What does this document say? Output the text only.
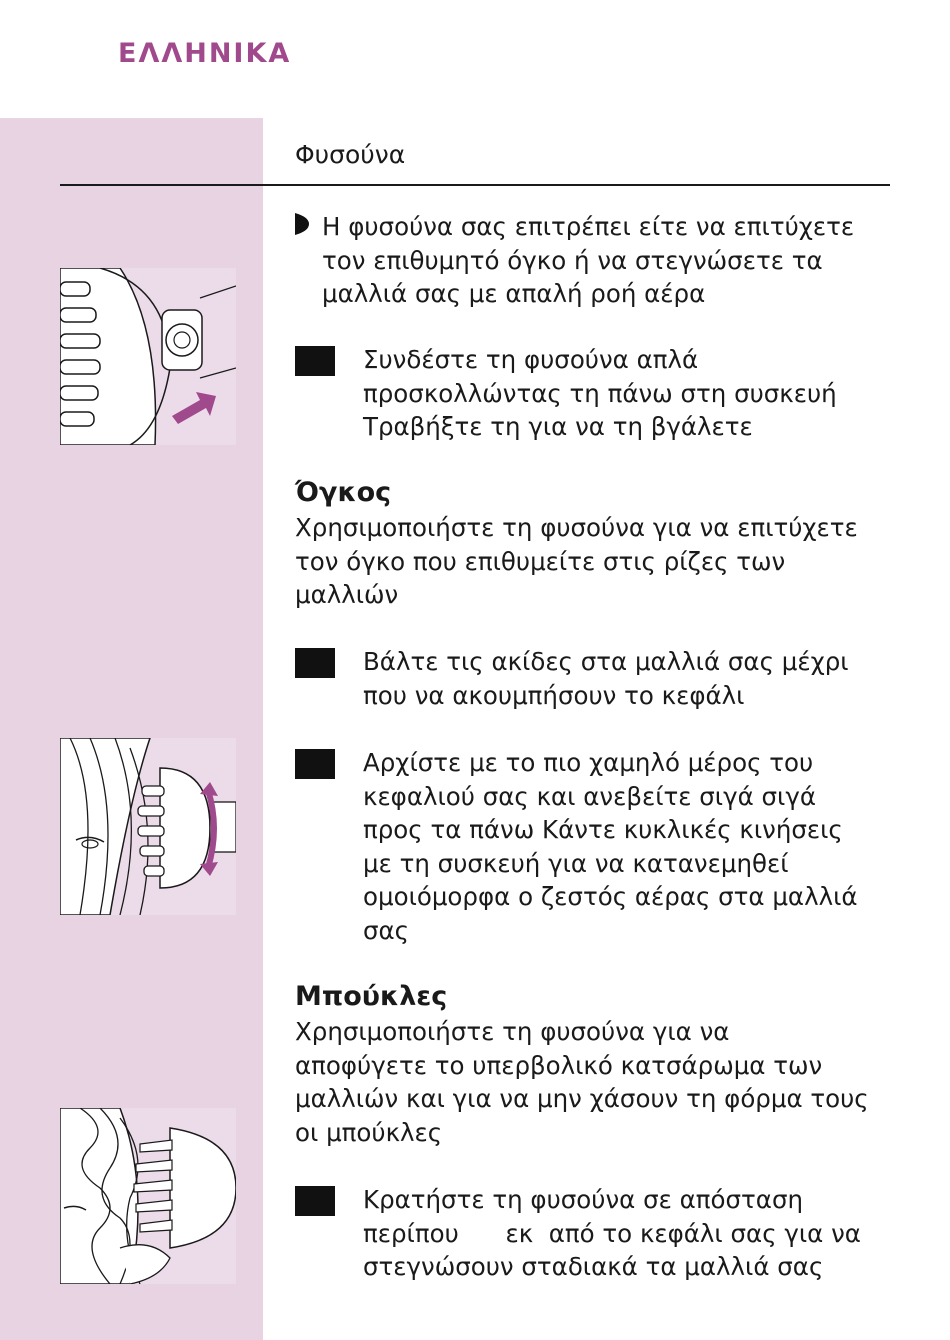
ΕΛΛΗΝΙΚΑ
Φυσούνα
Η φυσούνα σας επιτρέπει είτε να επιτύχετε
τον επιθυμητό όγκο ή να στεγνώσετε τα
μαλλιά σας με απαλή ροή αέρα
Συνδέστε τη φυσούνα απλά
προσκολλώντας τη πάνω στη συσκευή
Τραβήξτε τη για να τη βγάλετε
Όγκος
Χρησιμοποιήστε τη φυσούνα για να επιτύχετε
τον όγκο που επιθυμείτε στις ρίζες των
μαλλιών
Βάλτε τις ακίδες στα μαλλιά σας μέχρι
που να ακουμπήσουν το κεφάλι
Αρχίστε με το πιο χαμηλό μέρος του
κεφαλιού σας και ανεβείτε σιγά σιγά
προς τα πάνω Κάντε κυκλικές κινήσεις
με τη συσκευή για να κατανεμηθεί
ομοιόμορφα ο ζεστός αέρας στα μαλλιά
σας
Μπούκλες
Χρησιμοποιήστε τη φυσούνα για να
αποφύγετε το υπερβολικό κατσάρωμα των
μαλλιών και για να μην χάσουν τη φόρμα τους
οι μπούκλες
Κρατήστε τη φυσούνα σε απόσταση
περίπου      εκ  από το κεφάλι σας για να
στεγνώσουν σταδιακά τα μαλλιά σας
